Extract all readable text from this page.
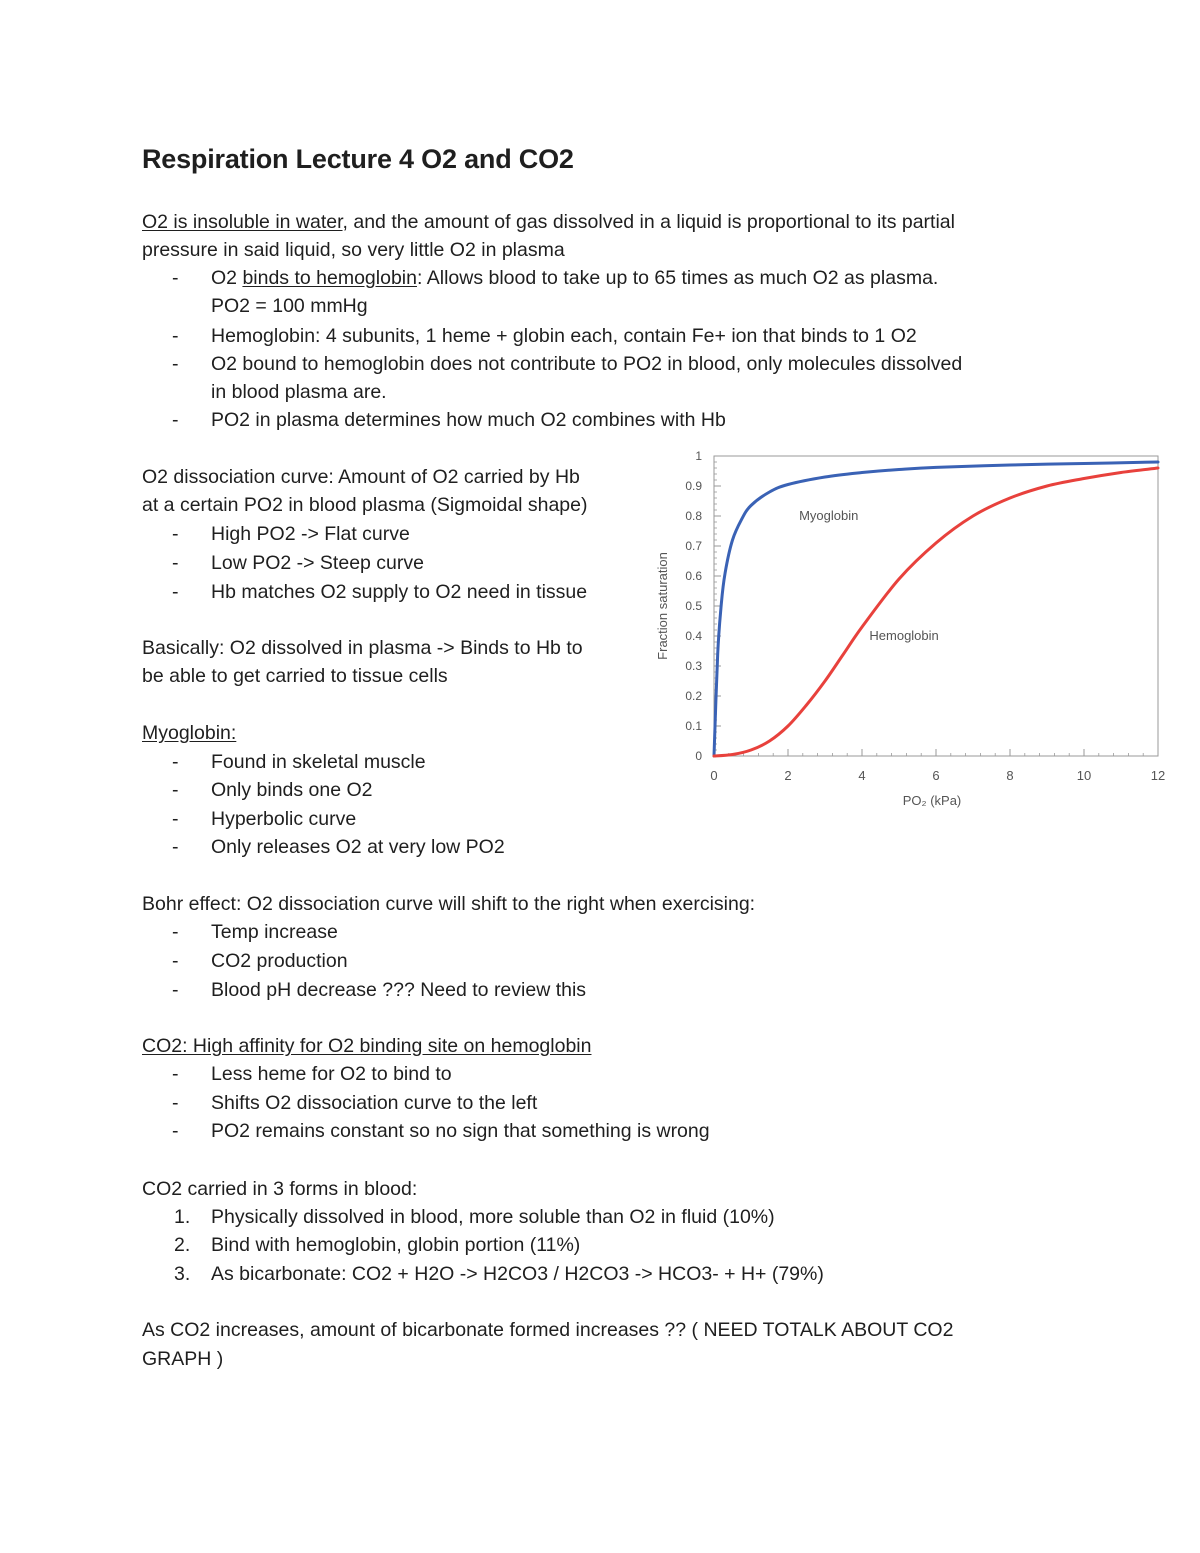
Respiration Lecture 4 O2 and CO2

O2 is insoluble in water, and the amount of gas dissolved in a liquid is proportional to its partial

pressure in said liquid, so very little O2 in plasma

- O2 binds to hemoglobin: Allows blood to take up to 65 times as much O2 as plasma.

PO2 = 100 mmHg

- Hemoglobin: 4 subunits, 1 heme + globin each, contain Fe+ ion that binds to 1 O2

- O2 bound to hemoglobin does not contribute to PO2 in blood, only molecules dissolved

in blood plasma are.

- PO2 in plasma determines how much O2 combines with Hb

O2 dissociation curve: Amount of O2 carried by Hb

at a certain PO2 in blood plasma (Sigmoidal shape)

- High PO2 -> Flat curve

- Low PO2 -> Steep curve

- Hb matches O2 supply to O2 need in tissue

Basically: O2 dissolved in plasma -> Binds to Hb to

be able to get carried to tissue cells

Myoglobin:

- Found in skeletal muscle

- Only binds one O2

- Hyperbolic curve

- Only releases O2 at very low PO2

Bohr effect: O2 dissociation curve will shift to the right when exercising:

- Temp increase

- CO2 production

- Blood pH decrease ??? Need to review this

CO2: High affinity for O2 binding site on hemoglobin

- Less heme for O2 to bind to

- Shifts O2 dissociation curve to the left

- PO2 remains constant so no sign that something is wrong

CO2 carried in 3 forms in blood:

1. Physically dissolved in blood, more soluble than O2 in fluid (10%)

2. Bind with hemoglobin, globin portion (11%)

3. As bicarbonate: CO2 + H2O -> H2CO3 / H2CO3 -> HCO3- + H+ (79%)

As CO2 increases, amount of bicarbonate formed increases ?? ( NEED TOTALK ABOUT CO2

GRAPH )

0	2	4	6	8	10	12
0
0.1
0.2
0.3
0.4
0.5
0.6
0.7
0.8
0.9
1
PO₂ (kPa)
Fraction saturation
Myoglobin
Hemoglobin
